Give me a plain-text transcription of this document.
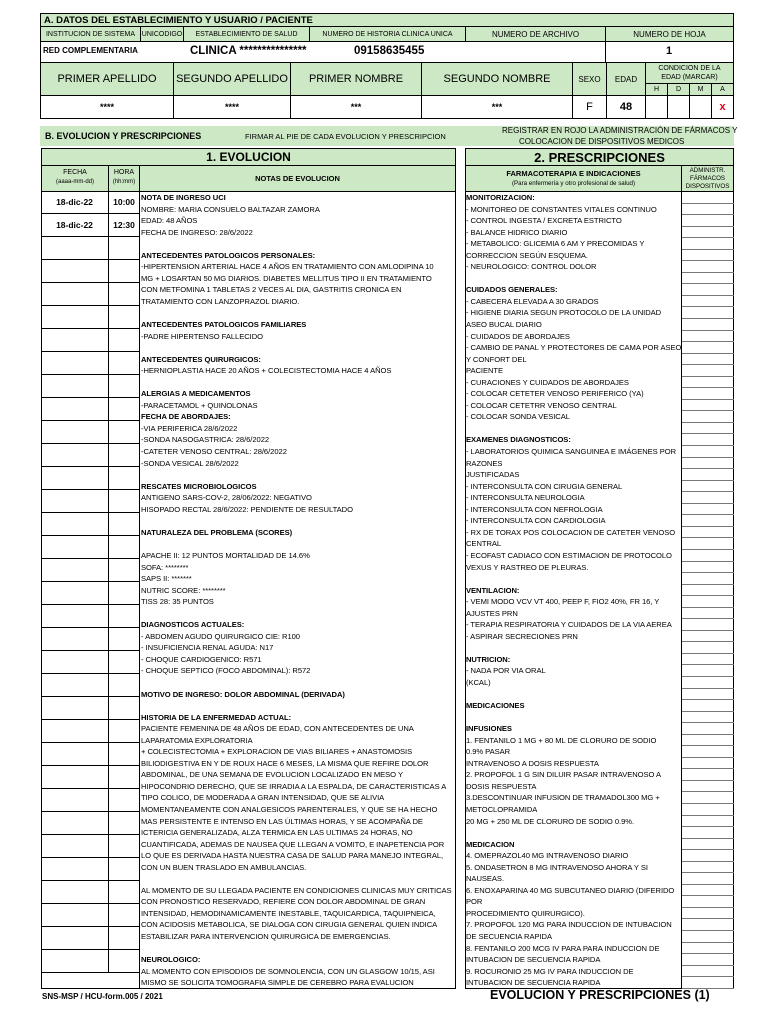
A. DATOS DEL ESTABLECIMIENTO Y USUARIO / PACIENTE
INSTITUCION DE SISTEMA UNICODIGO	ESTABLECIMIENTO DE SALUD	NUMERO DE HISTORIA CLINICA UNICA	NUMERO DE ARCHIVO	NUMERO DE HOJA
RED COMPLEMENTARIA	CLINICA ***************	09158635455	1
PRIMER APELLIDO	SEGUNDO APELLIDO	PRIMER NOMBRE	SEGUNDO NOMBRE	SEXO	EDAD
CONDICION DE LA EDAD (MARCAR)
H	D	M	A
****	****	***	***	F	48	x
B. EVOLUCION Y PRESCRIPCIONES	FIRMAR AL PIE DE CADA EVOLUCION Y PRESCRIPCION
REGISTRAR EN ROJO LA ADMINISTRACIÓN DE FÁRMACOS Y
COLOCACION DE DISPOSITIVOS MEDICOS
1. EVOLUCION	2. PRESCRIPCIONES
FECHA
(aaaa-mm-dd)
HORA
(hh:mm)	NOTAS DE EVOLUCION
FARMACOTERAPIA E INDICACIONES
(Para enfermería y otro profesional de salud)
ADMINISTR.
FÁRMACOS
DISPOSITIVOS
18-dic-22	10:00
18-dic-22	12:30
NOTA DE INGRESO UCI
NOMBRE: MARIA CONSUELO BALTAZAR ZAMORA
EDAD: 48 AÑOS
FECHA DE INGRESO: 28/6/2022
ANTECEDENTES PATOLOGICOS PERSONALES:
-HIPERTENSION ARTERIAL HACE 4 AÑOS EN TRATAMIENTO CON AMLODIPINA 10
MG + LOSARTAN 50 MG DIARIOS. DIABETES MELLITUS TIPO II EN TRATAMIENTO
CON METFOMINA 1 TABLETAS 2 VECES AL DIA, GASTRITIS CRONICA EN
TRATAMIENTO CON LANZOPRAZOL DIARIO.
ANTECEDENTES PATOLOGICOS FAMILIARES
-PADRE HIPERTENSO FALLECIDO
ANTECEDENTES QUIRURGICOS:
-HERNIOPLASTIA HACE 20 AÑOS + COLECISTECTOMIA HACE 4 AÑOS
ALERGIAS A MEDICAMENTOS
-PARACETAMOL + QUINOLONAS
FECHA DE ABORDAJES:
-VIA PERIFERICA 28/6/2022
-SONDA NASOGASTRICA: 28/6/2022
-CATETER VENOSO CENTRAL: 28/6/2022
-SONDA VESICAL 28/6/2022
RESCATES MICROBIOLOGICOS
ANTIGENO SARS-COV-2, 28/06/2022: NEGATIVO
HISOPADO RECTAL 28/6/2022: PENDIENTE DE RESULTADO
NATURALEZA DEL PROBLEMA (SCORES)
APACHE II: 12 PUNTOS MORTALIDAD DE 14.6%
SOFA: ********
SAPS II: *******
NUTRIC SCORE: ********
TISS 28: 35 PUNTOS
DIAGNOSTICOS ACTUALES:
- ABDOMEN AGUDO QUIRURGICO CIE: R100
- INSUFICIENCIA RENAL AGUDA: N17
- CHOQUE CARDIOGENICO: R571
- CHOQUE SEPTICO (FOCO ABDOMINAL): R572
MOTIVO DE INGRESO: DOLOR ABDOMINAL (DERIVADA)
HISTORIA DE LA ENFERMEDAD ACTUAL:
PACIENTE FEMENINA DE 48 AÑOS DE EDAD, CON ANTECEDENTES DE UNA
LAPARATOMIA EXPLORATORIA
+ COLECISTECTOMIA + EXPLORACION DE VIAS BILIARES + ANASTOMOSIS
BILIODIGESTIVA EN Y DE ROUX HACE 6 MESES, LA MISMA QUE REFIRE DOLOR
ABDOMINAL, DE UNA SEMANA DE EVOLUCION LOCALIZADO EN MESO Y
HIPOCONDRIO DERECHO, QUE SE IRRADIA A LA ESPALDA, DE CARACTERISTICAS A
TIPO COLICO, DE MODERADA A GRAN INTENSIDAD, QUE SE ALIVIA
MOMENTANEAMENTE CON ANALGESICOS PARENTERALES, Y QUE SE HA HECHO
MAS PERSISTENTE E INTENSO EN LAS ÚLTIMAS HORAS, Y SE ACOMPAÑA DE
ICTERICIA GENERALIZADA, ALZA TERMICA EN LAS ULTIMAS 24 HORAS, NO
CUANTIFICADA, ADEMAS DE NAUSEA QUE LLEGAN A VOMITO, E INAPETENCIA POR
LO QUE ES DERIVADA HASTA NUESTRA CASA DE SALUD PARA MANEJO INTEGRAL,
CON UN BUEN TRASLADO EN AMBULANCIAS.
AL MOMENTO DE SU LLEGADA PACIENTE EN CONDICIONES CLINICAS MUY CRITICAS
CON PRONOSTICO RESERVADO, REFIERE CON DOLOR ABDOMINAL DE GRAN
INTENSIDAD, HEMODINAMICAMENTE INESTABLE, TAQUICARDICA, TAQUIPNEICA,
CON ACIDOSIS METABOLICA, SE DIALOGA CON CIRUGIA GENERAL QUIEN INDICA
ESTABILIZAR PARA INTERVENCION QUIRURGICA DE EMERGENCIAS.
NEUROLOGICO:
AL MOMENTO CON EPISODIOS DE SOMNOLENCIA, CON UN GLASGOW 10/15, ASI
MISMO SE SOLICITA TOMOGRAFIA SIMPLE DE CEREBRO PARA EVALUCION
MONITORIZACION:
- MONITOREO DE CONSTANTES VITALES CONTINUO
- CONTROL INGESTA / EXCRETA ESTRICTO
- BALANCE HIDRICO DIARIO
- METABOLICO: GLICEMIA 6 AM Y PRECOMIDAS Y
CORRECCION SEGÚN ESQUEMA.
- NEUROLOGICO: CONTROL DOLOR
CUIDADOS GENERALES:
- CABECERA ELEVADA A 30 GRADOS
- HIGIENE DIARIA SEGUN PROTOCOLO DE LA UNIDAD
ASEO BUCAL DIARIO
- CUIDADOS DE ABORDAJES
- CAMBIO DE PANAL Y PROTECTORES DE CAMA POR ASEO
Y CONFORT DEL
PACIENTE
- CURACIONES Y CUIDADOS DE ABORDAJES
- COLOCAR CETETER VENOSO PERIFERICO (YA)
- COLOCAR CETETRR VENOSO CENTRAL
- COLOCAR SONDA VESICAL
EXAMENES DIAGNOSTICOS:
- LABORATORIOS QUIMICA SANGUINEA E IMÁGENES POR
RAZONES
JUSTIFICADAS
- INTERCONSULTA CON CIRUGIA GENERAL
- INTERCONSULTA NEUROLOGIA
- INTERCONSULTA CON NEFROLOGIA
- INTERCONSULTA CON CARDIOLOGIA
- RX DE TORAX POS COLOCACION DE CATETER VENOSO
CENTRAL
- ECOFAST CADIACO CON ESTIMACION DE PROTOCOLO
VEXUS Y RASTREO DE PLEURAS.
VENTILACION:
- VEMI MODO VCV VT 400, PEEP F, FIO2 40%, FR 16, Y
AJUSTES PRN
- TERAPIA RESPIRATORIA Y CUIDADOS DE LA VIA AEREA
- ASPIRAR SECRECIONES PRN
NUTRICION:
- NADA POR VIA ORAL
(KCAL)
MEDICACIONES
INFUSIONES
1. FENTANILO 1 MG + 80 ML DE CLORURO DE SODIO
0.9% PASAR
INTRAVENOSO A DOSIS RESPUESTA
2. PROPOFOL 1 G SIN DILUIR PASAR INTRAVENOSO A
DOSIS RESPUESTA
3.DESCONTINUAR INFUSION DE TRAMADOL300 MG +
METOCLOPRAMIDA
20 MG + 250 ML DE CLORURO DE SODIO 0.9%.
MEDICACION
4. OMEPRAZOL40 MG INTRAVENOSO DIARIO
5. ONDASETRON 8 MG INTRAVENOSO AHORA Y SI
NAUSEAS.
6. ENOXAPARINA 40 MG SUBCUTANEO DIARIO (DIFERIDO
POR
PROCEDIMIENTO QUIRURGICO).
7. PROPOFOL 120 MG PARA INDUCCION DE INTUBACION
DE SECUENCIA RAPIDA
8. FENTANILO 200 MCG IV PARA PARA INDUCCION DE
INTUBACION DE SECUENCIA RAPIDA
9. ROCURONIO 25 MG IV PARA INDUCCION DE
INTUBACION DE SECUENCIA RAPIDA
SNS-MSP / HCU-form.005 / 2021	EVOLUCION Y PRESCRIPCIONES (1)
